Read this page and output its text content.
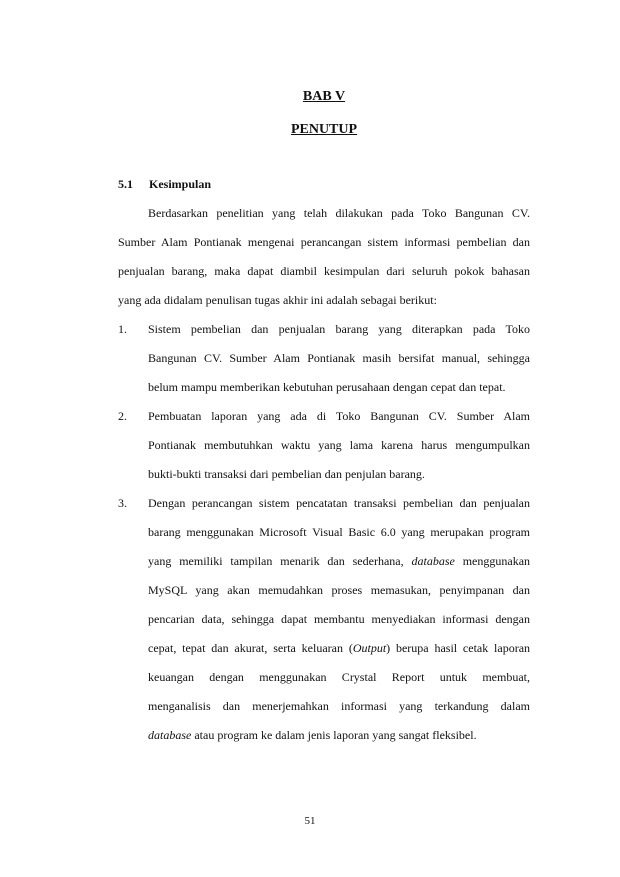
BAB V

PENUTUP

5.1 Kesimpulan

Berdasarkan penelitian yang telah dilakukan pada Toko Bangunan CV.

Sumber Alam Pontianak mengenai perancangan sistem informasi pembelian dan

penjualan barang, maka dapat diambil kesimpulan dari seluruh pokok bahasan

yang ada didalam penulisan tugas akhir ini adalah sebagai berikut:

1. Sistem pembelian dan penjualan barang yang diterapkan pada Toko

Bangunan CV. Sumber Alam Pontianak masih bersifat manual, sehingga

belum mampu memberikan kebutuhan perusahaan dengan cepat dan tepat.

2. Pembuatan laporan yang ada di Toko Bangunan CV. Sumber Alam

Pontianak membutuhkan waktu yang lama karena harus mengumpulkan

bukti-bukti transaksi dari pembelian dan penjulan barang.

3. Dengan perancangan sistem pencatatan transaksi pembelian dan penjualan

barang menggunakan Microsoft Visual Basic 6.0 yang merupakan program

yang memiliki tampilan menarik dan sederhana, database menggunakan

MySQL yang akan memudahkan proses memasukan, penyimpanan dan

pencarian data, sehingga dapat membantu menyediakan informasi dengan

cepat, tepat dan akurat, serta keluaran (Output) berupa hasil cetak laporan

keuangan dengan menggunakan Crystal Report untuk membuat,

menganalisis dan menerjemahkan informasi yang terkandung dalam

database atau program ke dalam jenis laporan yang sangat fleksibel.

51
